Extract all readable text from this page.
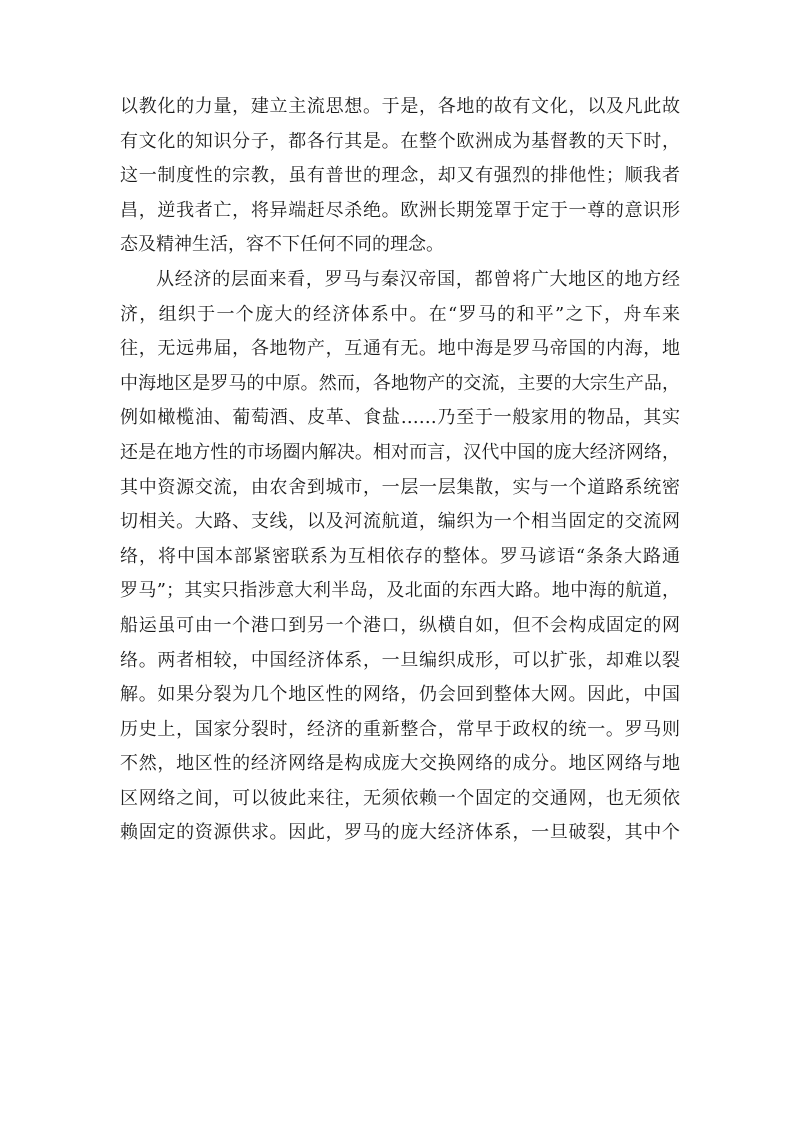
以教化的力量，建立主流思想。于是，各地的故有文化，以及凡此故
有文化的知识分子，都各行其是。在整个欧洲成为基督教的天下时，
这一制度性的宗教，虽有普世的理念，却又有强烈的排他性；顺我者
昌，逆我者亡，将异端赶尽杀绝。欧洲长期笼罩于定于一尊的意识形
态及精神生活，容不下任何不同的理念。
从经济的层面来看，罗马与秦汉帝国，都曾将广大地区的地方经
济，组织于一个庞大的经济体系中。在“罗马的和平”之下，舟车来
往，无远弗届，各地物产，互通有无。地中海是罗马帝国的内海，地
中海地区是罗马的中原。然而，各地物产的交流，主要的大宗生产品，
例如橄榄油、葡萄酒、皮革、食盐……乃至于一般家用的物品，其实
还是在地方性的市场圈内解决。相对而言，汉代中国的庞大经济网络，
其中资源交流，由农舍到城市，一层一层集散，实与一个道路系统密
切相关。大路、支线，以及河流航道，编织为一个相当固定的交流网
络，将中国本部紧密联系为互相依存的整体。罗马谚语“条条大路通
罗马”；其实只指涉意大利半岛，及北面的东西大路。地中海的航道，
船运虽可由一个港口到另一个港口，纵横自如，但不会构成固定的网
络。两者相较，中国经济体系，一旦编织成形，可以扩张，却难以裂
解。如果分裂为几个地区性的网络，仍会回到整体大网。因此，中国
历史上，国家分裂时，经济的重新整合，常早于政权的统一。罗马则
不然，地区性的经济网络是构成庞大交换网络的成分。地区网络与地
区网络之间，可以彼此来往，无须依赖一个固定的交通网，也无须依
赖固定的资源供求。因此，罗马的庞大经济体系，一旦破裂，其中个
